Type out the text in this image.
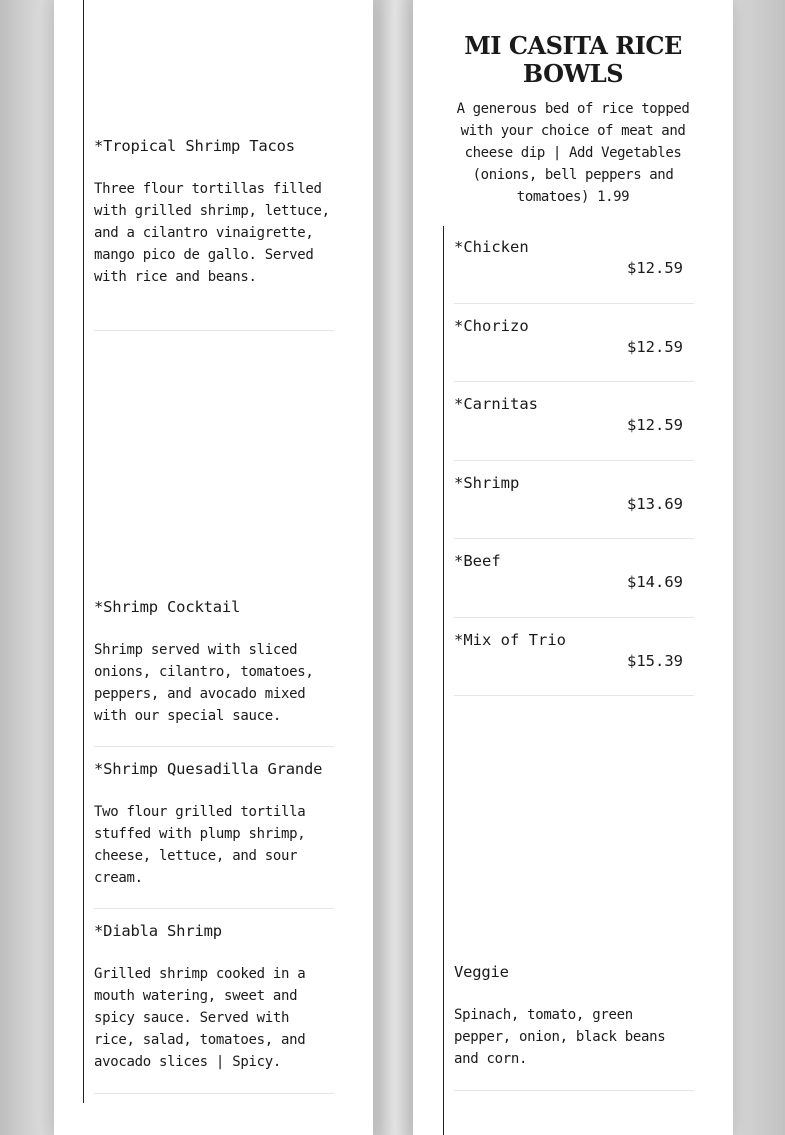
*Tropical Shrimp Tacos
Three flour tortillas filled with grilled shrimp, lettuce, and a cilantro vinaigrette, mango pico de gallo. Served with rice and beans.
*Shrimp Cocktail
Shrimp served with sliced onions, cilantro, tomatoes, peppers, and avocado mixed with our special sauce.
*Shrimp Quesadilla Grande
Two flour grilled tortilla stuffed with plump shrimp, cheese, lettuce, and sour cream.
*Diabla Shrimp
Grilled shrimp cooked in a mouth watering, sweet and spicy sauce. Served with rice, salad, tomatoes, and avocado slices | Spicy.
MI CASITA RICE BOWLS
A generous bed of rice topped with your choice of meat and cheese dip | Add Vegetables (onions, bell peppers and tomatoes) 1.99
*Chicken
$12.59
*Chorizo
$12.59
*Carnitas
$12.59
*Shrimp
$13.69
*Beef
$14.69
*Mix of Trio
$15.39
Veggie
Spinach, tomato, green pepper, onion, black beans and corn.
